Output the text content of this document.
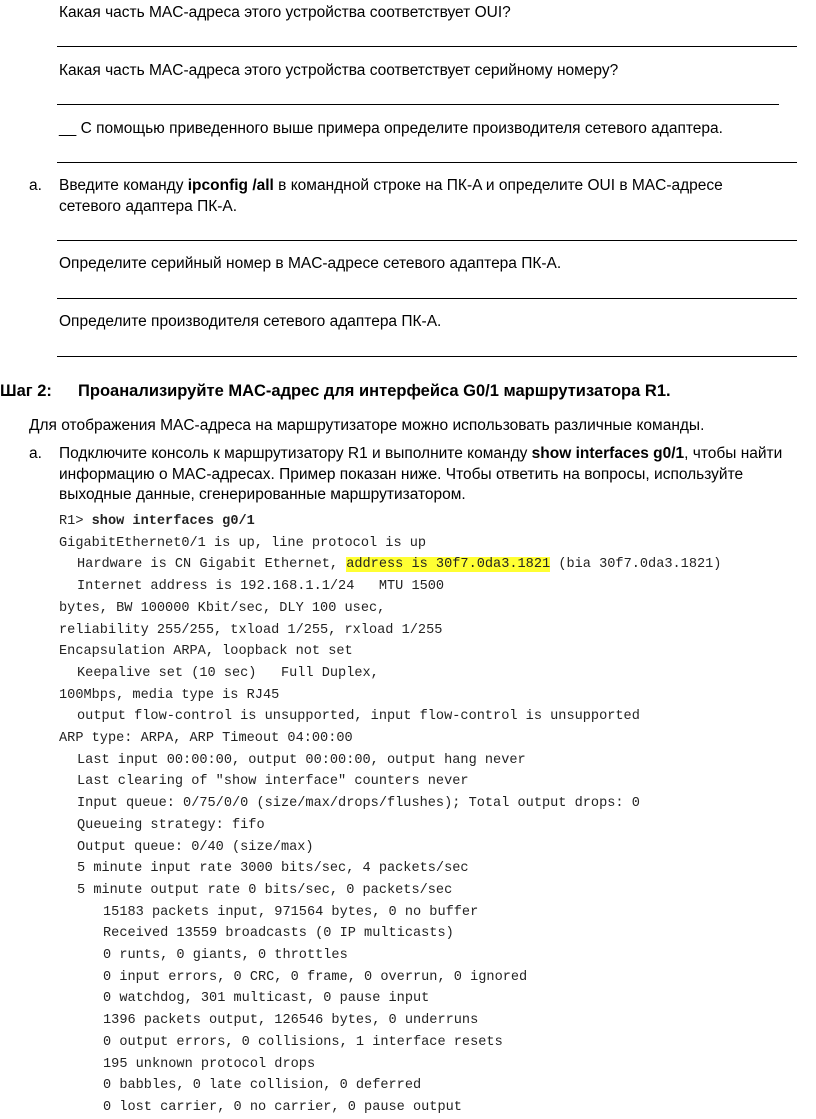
Какая часть MAC-адреса этого устройства соответствует OUI?

Какая часть MAC-адреса этого устройства соответствует серийному номеру?

__ С помощью приведенного выше примера определите производителя сетевого адаптера.

a.	Введите команду ipconfig /all в командной строке на ПК-A и определите OUI в MAC-адресе сетевого адаптера ПК-A.

Определите серийный номер в MAC-адресе сетевого адаптера ПК-A.

Определите производителя сетевого адаптера ПК-A.

Шаг 2: Проанализируйте MAC-адрес для интерфейса G0/1 маршрутизатора R1.

Для отображения MAC-адреса на маршрутизаторе можно использовать различные команды.

a.	Подключите консоль к маршрутизатору R1 и выполните команду show interfaces g0/1, чтобы найти информацию о MAC-адресах. Пример показан ниже. Чтобы ответить на вопросы, используйте выходные данные, сгенерированные маршрутизатором.
R1> show interfaces g0/1
GigabitEthernet0/1 is up, line protocol is up
Hardware is CN Gigabit Ethernet, address is 30f7.0da3.1821 (bia 30f7.0da3.1821)
Internet address is 192.168.1.1/24   MTU 1500
bytes, BW 100000 Kbit/sec, DLY 100 usec,
reliability 255/255, txload 1/255, rxload 1/255
Encapsulation ARPA, loopback not set
Keepalive set (10 sec)   Full Duplex,
100Mbps, media type is RJ45
output flow-control is unsupported, input flow-control is unsupported
ARP type: ARPA, ARP Timeout 04:00:00
Last input 00:00:00, output 00:00:00, output hang never
Last clearing of "show interface" counters never
Input queue: 0/75/0/0 (size/max/drops/flushes); Total output drops: 0
Queueing strategy: fifo
Output queue: 0/40 (size/max)
5 minute input rate 3000 bits/sec, 4 packets/sec
5 minute output rate 0 bits/sec, 0 packets/sec
15183 packets input, 971564 bytes, 0 no buffer
Received 13559 broadcasts (0 IP multicasts)
0 runts, 0 giants, 0 throttles
0 input errors, 0 CRC, 0 frame, 0 overrun, 0 ignored
0 watchdog, 301 multicast, 0 pause input
1396 packets output, 126546 bytes, 0 underruns
0 output errors, 0 collisions, 1 interface resets
195 unknown protocol drops
0 babbles, 0 late collision, 0 deferred
0 lost carrier, 0 no carrier, 0 pause output
